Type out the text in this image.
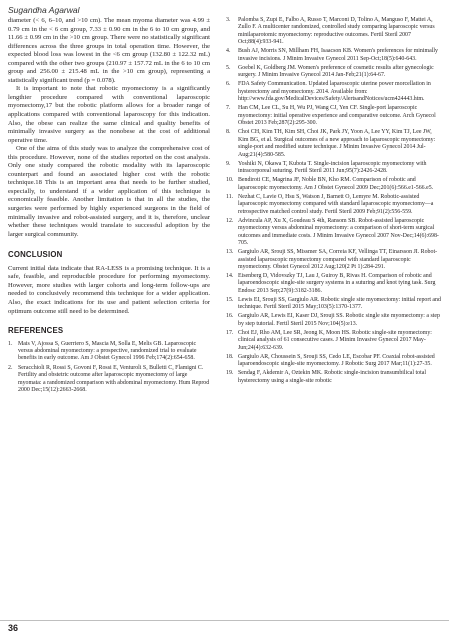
Sugandha Agarwal

diameter (< 6, 6–10, and >10 cm). The mean myoma diameter was 4.99 ± 0.79 cm in the < 6 cm group, 7.33 ± 0.90 cm in the 6 to 10 cm group, and 11.66 ± 0.99 cm in the >10 cm group. There were no statistically significant differences across the three groups in total operation time. However, the expected blood loss was lowest in the <6 cm group (132.80 ± 122.32 mL) compared with the other two groups (210.97 ± 157.72 mL in the 6 to 10 cm group and 256.00 ± 215.48 mL in the >10 cm group), representing a statistically significant trend (p = 0.078).

It is important to note that robotic myomectomy is a significantly lengthier procedure compared with conventional laparoscopic myomectomy,17 but the robotic platform allows for a broader range of applications compared with conventional laparoscopy for this indication. Also, the obese can realize the same clinical and quality benefits of minimally invasive surgery as the nonobese at the cost of additional operative time.

One of the aims of this study was to analyze the comprehensive cost of this procedure. However, none of the studies reported on the cost analysis. Only one study compared the robotic modality with its laparoscopic counterpart and found an associated higher cost with the robotic technique.18 This is an important area that needs to be further studied, especially, to understand if a wider application of this technique is economically feasible. Another limitation is that in all the studies, the surgeries were performed by highly experienced surgeons in the field of minimally invasive and robot-assisted surgery, and it is, therefore, unclear whether these techniques would translate to successful adoption by the larger surgical community.

CONCLUSION

Current initial data indicate that RA-LESS is a promising technique. It is a safe, feasible, and reproducible procedure for performing myomectomy. However, more studies with larger cohorts and long-term follow-ups are needed to conclusively recommend this technique for a wider application. Also, the exact indications for its use and patient selection criteria for optimum outcome still need to be determined.

REFERENCES
1. Mais V, Ajossa S, Guerriero S, Mascia M, Solla E, Melis GB. Laparoscopic versus abdominal myomectomy: a prospective, randomized trial to evaluate benefits in early outcome. Am J Obstet Gynecol 1996 Feb;174(2):654-658.
2. Seracchioli R, Rossi S, Govoni F, Rossi E, Venturoli S, Bulletti C, Flamigni C. Fertility and obstetric outcome after laparoscopic myomectomy of large myomata: a randomized comparison with abdominal myomectomy. Hum Reprod 2000 Dec;15(12):2663-2668.
3.	Palomba S, Zupi E, Falbo A, Russo T, Marconi D, Tolino A, Manguso F, Mattei A, Zullo F. A multicenter randomized, controlled study comparing laparoscopic versus minilaparotomic myomectomy: reproductive outcomes. Fertil Steril 2007 Oct;88(4):933-941.
4.	Bush AJ, Morris SN, Millham FH, Isaacson KB. Women's preferences for minimally invasive incisions. J Minim Invasive Gynecol 2011 Sep-Oct;18(5):640-643.
5.	Goebel K, Goldberg JM. Women's preference of cosmetic results after gynecologic surgery. J Minim Invasive Gynecol 2014 Jan-Feb;21(1):64-67.
6.	FDA Safety Communication. Updated laparoscopic uterine power morcellation in hysterectomy and myomectomy. 2014. Available from: http://www.fda.gov/MedicalDevices/Safety/AlertsandNotices/ucm424443.htm.
7.	Han CM, Lee CL, Su H, Wu PJ, Wang CJ, Yen CF. Single-port laparoscopic myomectomy: initial operative experience and comparative outcome. Arch Gynecol Obstet 2013 Feb;287(2):295-300.
8.	Choi CH, Kim TH, Kim SH, Choi JK, Park JY, Yoon A, Lee YY, Kim TJ, Lee JW, Kim BG, et al. Surgical outcomes of a new approach to laparoscopic myomectomy: single-port and modified suture technique. J Minim Invasive Gynecol 2014 Jul-Aug;21(4):580-585.
9.	Yoshiki N, Okawa T, Kubota T. Single-incision laparoscopic myomectomy with intracorporeal suturing. Fertil Steril 2011 Jun;95(7):2426-2428.
10. Bendiroti CE, Magrina JF, Noble BN, Kho RM. Comparison of robotic and laparoscopic myomectomy. Am J Obstet Gynecol 2009 Dec;201(6):566.e1-566.e5.
11. Nezhat C, Lavie O, Hsu S, Watson J, Barnett O, Lemyre M. Robotic-assisted laparoscopic myomectomy compared with standard laparoscopic myomectomy—a retrospective matched control study. Fertil Steril 2009 Feb;91(2):556-559.
12. Advincula AP, Xu X, Goudeau S 4th, Ransom SB. Robot-assisted laparoscopic myomectomy versus abdominal myomectomy: a comparison of short-term surgical outcomes and immediate costs. J Minim Invasive Gynecol 2007 Nov-Dec;14(6):698-705.
13. Gargiulo AR, Srouji SS, Missmer SA, Correia KF, Vellinga TT, Einarsson JI. Robot-assisted laparoscopic myomectomy compared with standard laparoscopic myomectomy. Obstet Gynecol 2012 Aug;120(2 Pt 1):284-291.
14. Eisenberg D, Vidovszky TJ, Lau J, Guiroy B, Rivas H. Comparison of robotic and laparoendoscopic single-site surgery systems in a suturing and knot tying task. Surg Endosc 2013 Sep;27(9):3182-3186.
15. Lewis EI, Srouji SS, Gargiulo AR. Robotic single site myomectomy: initial report and technique. Fertil Steril 2015 May;103(5):1370-1377.
16. Gargiulo AR, Lewis EI, Kaser DJ, Srouji SS. Robotic single site myomectomy: a step by step tutorial. Fertil Steril 2015 Nov;104(5):e13.
17. Choi EJ, Rho AM, Lee SR, Jeong K, Moon HS. Robotic single-site myomectomy: clinical analysis of 61 consecutive cases. J Minim Invasive Gynecol 2017 May-Jun;24(4):632-639.
18. Gargiulo AR, Choussein S, Srouji SS, Cedo LE, Escobar PF. Coaxial robot-assisted laparoendoscopic single-site myomectomy. J Robotic Surg 2017 Mar;11(1):27-35.
19. Sendag F, Akdemir A, Oztekin MK. Robotic single-incision transumbilical total hysterectomy using a single-site robotic
36
